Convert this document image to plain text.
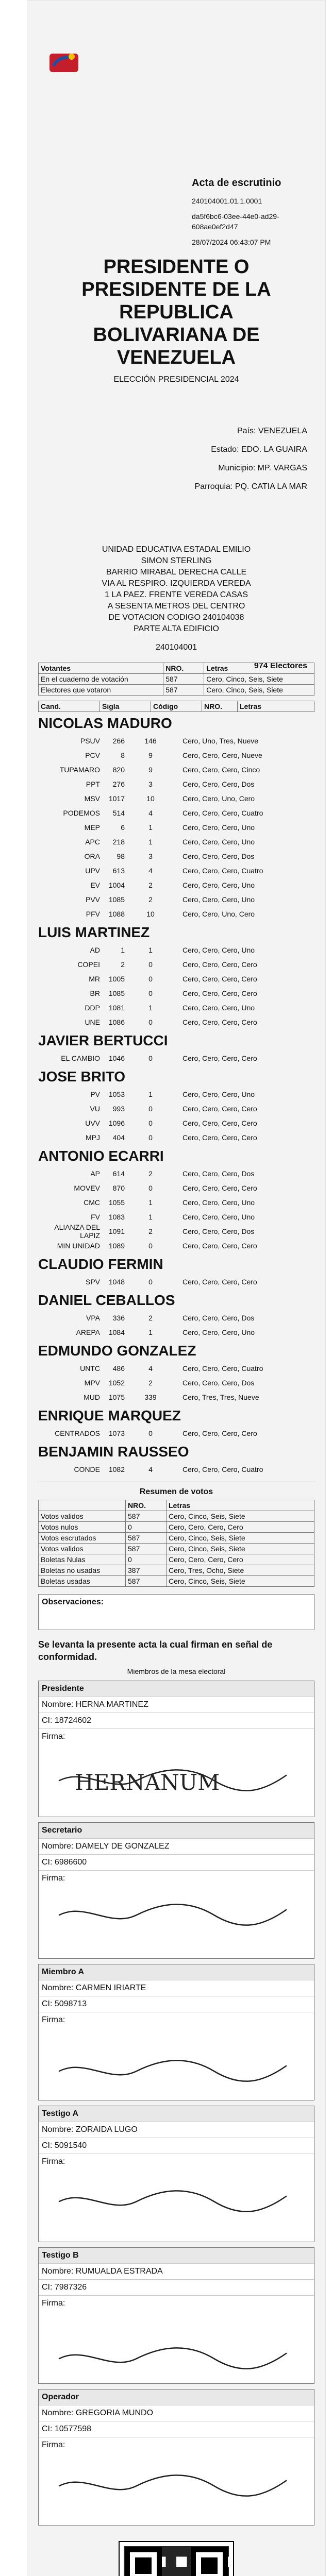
Acta de escrutinio
240104001.01.1.0001
da5f6bc6-03ee-44e0-ad29-
608ae0ef2d47
28/07/2024 06:43:07 PM
PRESIDENTE O
PRESIDENTE DE LA
REPUBLICA
BOLIVARIANA DE
VENEZUELA
ELECCIÓN PRESIDENCIAL 2024
País: VENEZUELA
Estado: EDO. LA GUAIRA
Municipio: MP. VARGAS
Parroquia: PQ. CATIA LA MAR
UNIDAD EDUCATIVA ESTADAL EMILIO
SIMON STERLING
BARRIO MIRABAL DERECHA CALLE
VIA AL RESPIRO. IZQUIERDA VEREDA
1 LA PAEZ. FRENTE VEREDA CASAS
A SESENTA METROS DEL CENTRO
DE VOTACION CODIGO 240104038
PARTE ALTA EDIFICIO
240104001
974 Electores
Votantes	NRO.	Letras
En el cuaderno de votación	587	Cero, Cinco, Seis, Siete
Electores que votaron	587	Cero, Cinco, Seis, Siete
Cand.	Sigla	Código	NRO.	Letras
NICOLAS MADURO
PSUV	266	146	Cero, Uno, Tres, Nueve
PCV	8	9	Cero, Cero, Cero, Nueve
TUPAMARO	820	9	Cero, Cero, Cero, Cinco
PPT	276	3	Cero, Cero, Cero, Dos
MSV	1017	10	Cero, Cero, Uno, Cero
PODEMOS	514	4	Cero, Cero, Cero, Cuatro
MEP	6	1	Cero, Cero, Cero, Uno
APC	218	1	Cero, Cero, Cero, Uno
ORA	98	3	Cero, Cero, Cero, Dos
UPV	613	4	Cero, Cero, Cero, Cuatro
EV	1004	2	Cero, Cero, Cero, Uno
PVV	1085	2	Cero, Cero, Cero, Uno
PFV	1088	10	Cero, Cero, Uno, Cero
LUIS MARTINEZ
AD	1	1	Cero, Cero, Cero, Uno
COPEI	2	0	Cero, Cero, Cero, Cero
MR	1005	0	Cero, Cero, Cero, Cero
BR	1085	0	Cero, Cero, Cero, Cero
DDP	1081	1	Cero, Cero, Cero, Uno
UNE	1086	0	Cero, Cero, Cero, Cero
JAVIER BERTUCCI
EL CAMBIO	1046	0	Cero, Cero, Cero, Cero
JOSE BRITO
PV	1053	1	Cero, Cero, Cero, Uno
VU	993	0	Cero, Cero, Cero, Cero
UVV	1096	0	Cero, Cero, Cero, Cero
MPJ	404	0	Cero, Cero, Cero, Cero
ANTONIO ECARRI
AP	614	2	Cero, Cero, Cero, Dos
MOVEV	870	0	Cero, Cero, Cero, Cero
CMC	1055	1	Cero, Cero, Cero, Uno
FV	1083	1	Cero, Cero, Cero, Uno
ALIANZA DEL LAPIZ	1091	2	Cero, Cero, Cero, Dos
MIN UNIDAD	1089	0	Cero, Cero, Cero, Cero
CLAUDIO FERMIN
SPV	1048	0	Cero, Cero, Cero, Cero
DANIEL CEBALLOS
VPA	336	2	Cero, Cero, Cero, Dos
AREPA	1084	1	Cero, Cero, Cero, Uno
EDMUNDO GONZALEZ
UNTC	486	4	Cero, Cero, Cero, Cuatro
MPV	1052	2	Cero, Cero, Cero, Dos
MUD	1075	339	Cero, Tres, Tres, Nueve
ENRIQUE MARQUEZ
CENTRADOS	1073	0	Cero, Cero, Cero, Cero
BENJAMIN RAUSSEO
CONDE	1082	4	Cero, Cero, Cero, Cuatro
Resumen de votos
	NRO.	Letras
Votos validos	587	Cero, Cinco, Seis, Siete
Votos nulos	0	Cero, Cero, Cero, Cero
Votos escrutados	587	Cero, Cinco, Seis, Siete
Votos validos	587	Cero, Cinco, Seis, Siete
Boletas Nulas	0	Cero, Cero, Cero, Cero
Boletas no usadas	387	Cero, Tres, Ocho, Siete
Boletas usadas	587	Cero, Cinco, Seis, Siete
Observaciones:
Se levanta la presente acta la cual firman en señal de conformidad.
Miembros de la mesa electoral
Presidente
Nombre: HERNA MARTINEZ
CI: 18724602
Firma:
HERNANUM
Secretario
Nombre: DAMELY DE GONZALEZ
CI: 6986600
Firma:
Miembro A
Nombre: CARMEN IRIARTE
CI: 5098713
Firma:
Testigo A
Nombre: ZORAIDA LUGO
CI: 5091540
Firma:
Testigo B
Nombre: RUMUALDA ESTRADA
CI: 7987326
Firma:
Operador
Nombre: GREGORIA MUNDO
CI: 10577598
Firma:
